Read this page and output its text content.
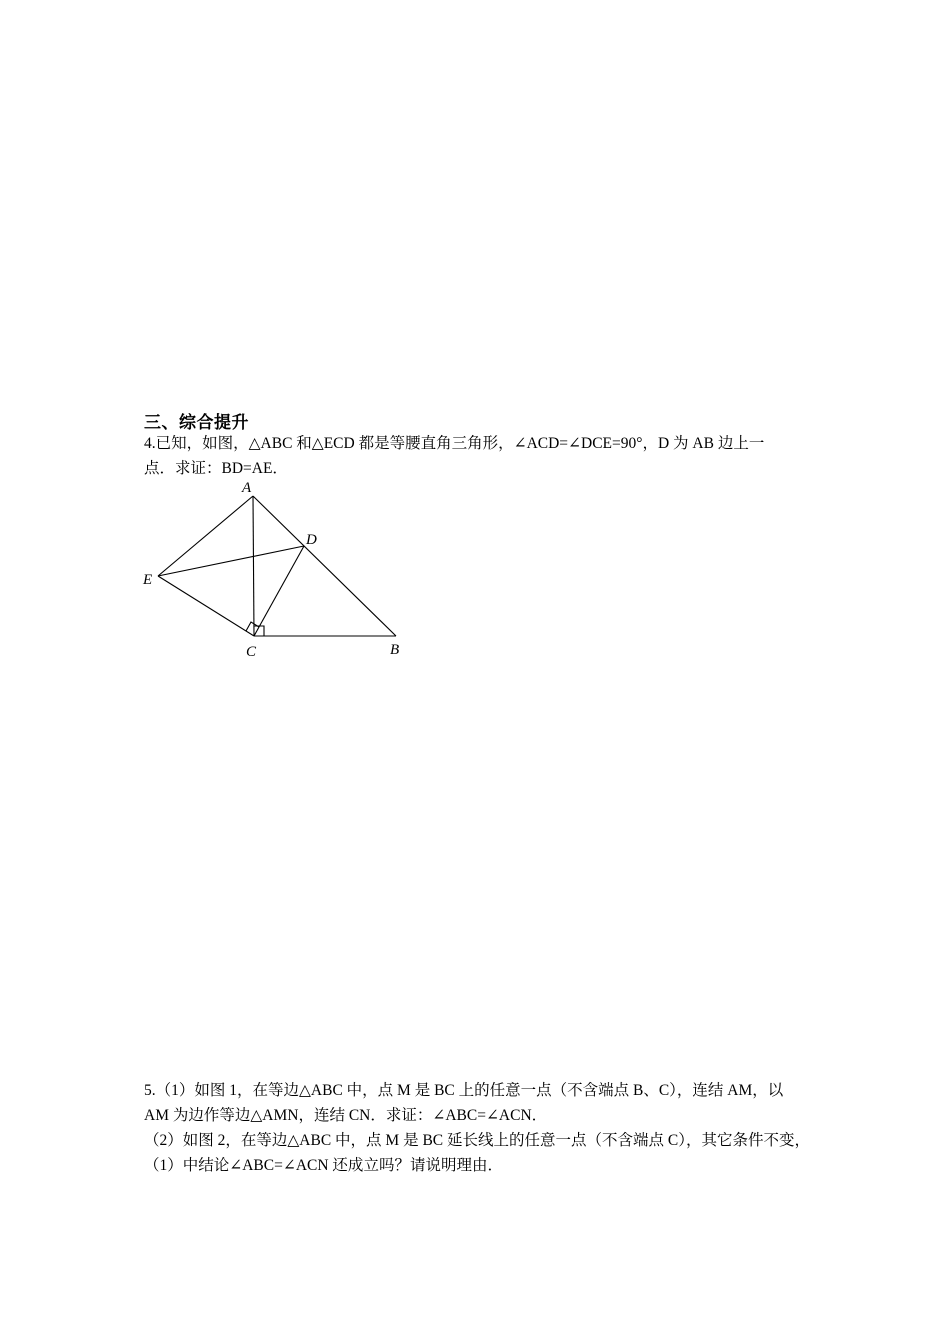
三、综合提升
4.已知，如图，△ABC 和△ECD 都是等腰直角三角形，∠ACD=∠DCE=90°，D 为 AB 边上一
点．求证：BD=AE．
A
D
E
C	B
5.（1）如图 1，在等边△ABC 中，点 M 是 BC 上的任意一点（不含端点 B、C），连结 AM，以
AM 为边作等边△AMN，连结 CN．求证：∠ABC=∠ACN．
（2）如图 2，在等边△ABC 中，点 M 是 BC 延长线上的任意一点（不含端点 C），其它条件不变，
（1）中结论∠ABC=∠ACN 还成立吗？请说明理由．
